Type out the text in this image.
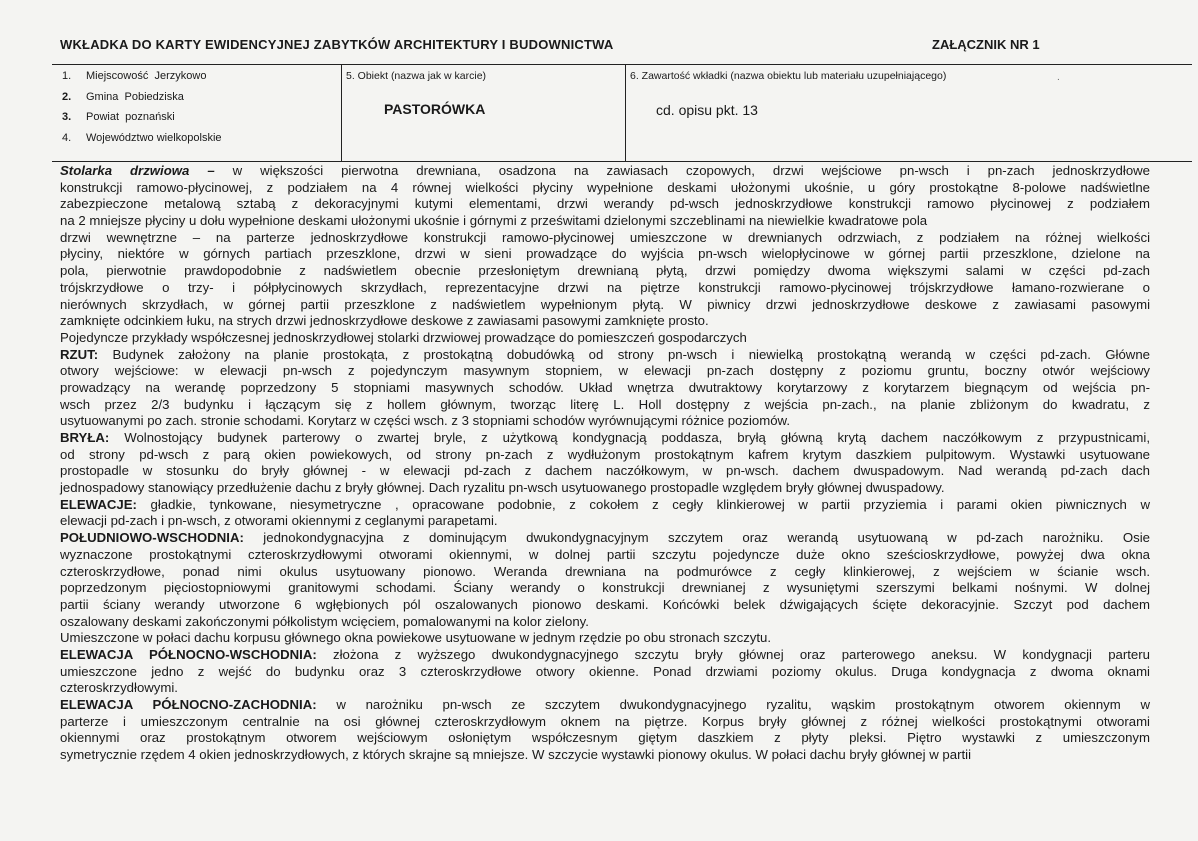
WKŁADKA DO KARTY EWIDENCYJNEJ ZABYTKÓW ARCHITEKTURY I BUDOWNICTWA	ZAŁĄCZNIK NR 1
1. Miejscowość Jerzykowo
2. Gmina Pobiedziska
3. Powiat poznański
4. Województwo wielkopolskie
5. Obiekt (nazwa jak w karcie)
PASTORÓWKA
6. Zawartość wkładki (nazwa obiektu lub materiału uzupełniającego)	.
cd. opisu pkt. 13
Stolarka drzwiowa – w większości pierwotna drewniana, osadzona na zawiasach czopowych, drzwi wejściowe pn-wsch i pn-zach jednoskrzydłowe
konstrukcji ramowo-płycinowej, z podziałem na 4 równej wielkości płyciny wypełnione deskami ułożonymi ukośnie, u góry prostokątne 8-polowe nadświetlne
zabezpieczone metalową sztabą z dekoracyjnymi kutymi elementami, drzwi werandy pd-wsch jednoskrzydłowe konstrukcji ramowo płycinowej z podziałem
na 2 mniejsze płyciny u dołu wypełnione deskami ułożonymi ukośnie i górnymi z prześwitami dzielonymi szczeblinami na niewielkie kwadratowe pola
drzwi wewnętrzne – na parterze jednoskrzydłowe konstrukcji ramowo-płycinowej umieszczone w drewnianych odrzwiach, z podziałem na różnej wielkości
płyciny, niektóre w górnych partiach przeszklone, drzwi w sieni prowadzące do wyjścia pn-wsch wielopłycinowe w górnej partii przeszklone, dzielone na
pola, pierwotnie prawdopodobnie z nadświetlem obecnie przesłoniętym drewnianą płytą, drzwi pomiędzy dwoma większymi salami w części pd-zach
trójskrzydłowe o trzy- i półpłycinowych skrzydłach, reprezentacyjne drzwi na piętrze konstrukcji ramowo-płycinowej trójskrzydłowe łamano-rozwierane o
nierównych skrzydłach, w górnej partii przeszklone z nadświetlem wypełnionym płytą. W piwnicy drzwi jednoskrzydłowe deskowe z zawiasami pasowymi
zamknięte odcinkiem łuku, na strych drzwi jednoskrzydłowe deskowe z zawiasami pasowymi zamknięte prosto.
Pojedyncze przykłady współczesnej jednoskrzydłowej stolarki drzwiowej prowadzące do pomieszczeń gospodarczych
RZUT: Budynek założony na planie prostokąta, z prostokątną dobudówką od strony pn-wsch i niewielką prostokątną werandą w części pd-zach. Główne
otwory wejściowe: w elewacji pn-wsch z pojedynczym masywnym stopniem, w elewacji pn-zach dostępny z poziomu gruntu, boczny otwór wejściowy
prowadzący na werandę poprzedzony 5 stopniami masywnych schodów. Układ wnętrza dwutraktowy korytarzowy z korytarzem biegnącym od wejścia pn-
wsch przez 2/3 budynku i łączącym się z hollem głównym, tworząc literę L. Holl dostępny z wejścia pn-zach., na planie zbliżonym do kwadratu, z
usytuowanymi po zach. stronie schodami. Korytarz w części wsch. z 3 stopniami schodów wyrównującymi różnice poziomów.
BRYŁA: Wolnostojący budynek parterowy o zwartej bryle, z użytkową kondygnacją poddasza, bryłą główną krytą dachem naczółkowym z przypustnicami,
od strony pd-wsch z parą okien powiekowych, od strony pn-zach z wydłużonym prostokątnym kafrem krytym daszkiem pulpitowym. Wystawki usytuowane
prostopadle w stosunku do bryły głównej - w elewacji pd-zach z dachem naczółkowym, w pn-wsch. dachem dwuspadowym. Nad werandą pd-zach dach
jednospadowy stanowiący przedłużenie dachu z bryły głównej. Dach ryzalitu pn-wsch usytuowanego prostopadle względem bryły głównej dwuspadowy.
ELEWACJE: gładkie, tynkowane, niesymetryczne , opracowane podobnie, z cokołem z cegły klinkierowej w partii przyziemia i parami okien piwnicznych w
elewacji pd-zach i pn-wsch, z otworami okiennymi z ceglanymi parapetami.
POŁUDNIOWO-WSCHODNIA: jednokondygnacyjna z dominującym dwukondygnacyjnym szczytem oraz werandą usytuowaną w pd-zach narożniku. Osie
wyznaczone prostokątnymi czteroskrzydłowymi otworami okiennymi, w dolnej partii szczytu pojedyncze duże okno sześcioskrzydłowe, powyżej dwa okna
czteroskrzydłowe, ponad nimi okulus usytuowany pionowo. Weranda drewniana na podmurówce z cegły klinkierowej, z wejściem w ścianie wsch.
poprzedzonym pięciostopniowymi granitowymi schodami. Ściany werandy o konstrukcji drewnianej z wysuniętymi szerszymi belkami nośnymi. W dolnej
partii ściany werandy utworzone 6 wgłębionych pól oszalowanych pionowo deskami. Końcówki belek dźwigających ścięte dekoracyjnie. Szczyt pod dachem
oszalowany deskami zakończonymi półkolistym wcięciem, pomalowanymi na kolor zielony.
Umieszczone w połaci dachu korpusu głównego okna powiekowe usytuowane w jednym rzędzie po obu stronach szczytu.
ELEWACJA PÓŁNOCNO-WSCHODNIA: złożona z wyższego dwukondygnacyjnego szczytu bryły głównej oraz parterowego aneksu. W kondygnacji parteru
umieszczone jedno z wejść do budynku oraz 3 czteroskrzydłowe otwory okienne. Ponad drzwiami poziomy okulus. Druga kondygnacja z dwoma oknami
czteroskrzydłowymi.
ELEWACJA PÓŁNOCNO-ZACHODNIA: w narożniku pn-wsch ze szczytem dwukondygnacyjnego ryzalitu, wąskim prostokątnym otworem okiennym w
parterze i umieszczonym centralnie na osi głównej czteroskrzydłowym oknem na piętrze. Korpus bryły głównej z różnej wielkości prostokątnymi otworami
okiennymi oraz prostokątnym otworem wejściowym osłoniętym współczesnym giętym daszkiem z płyty pleksi. Piętro wystawki z umieszczonym
symetrycznie rzędem 4 okien jednoskrzydłowych, z których skrajne są mniejsze. W szczycie wystawki pionowy okulus. W połaci dachu bryły głównej w partii
